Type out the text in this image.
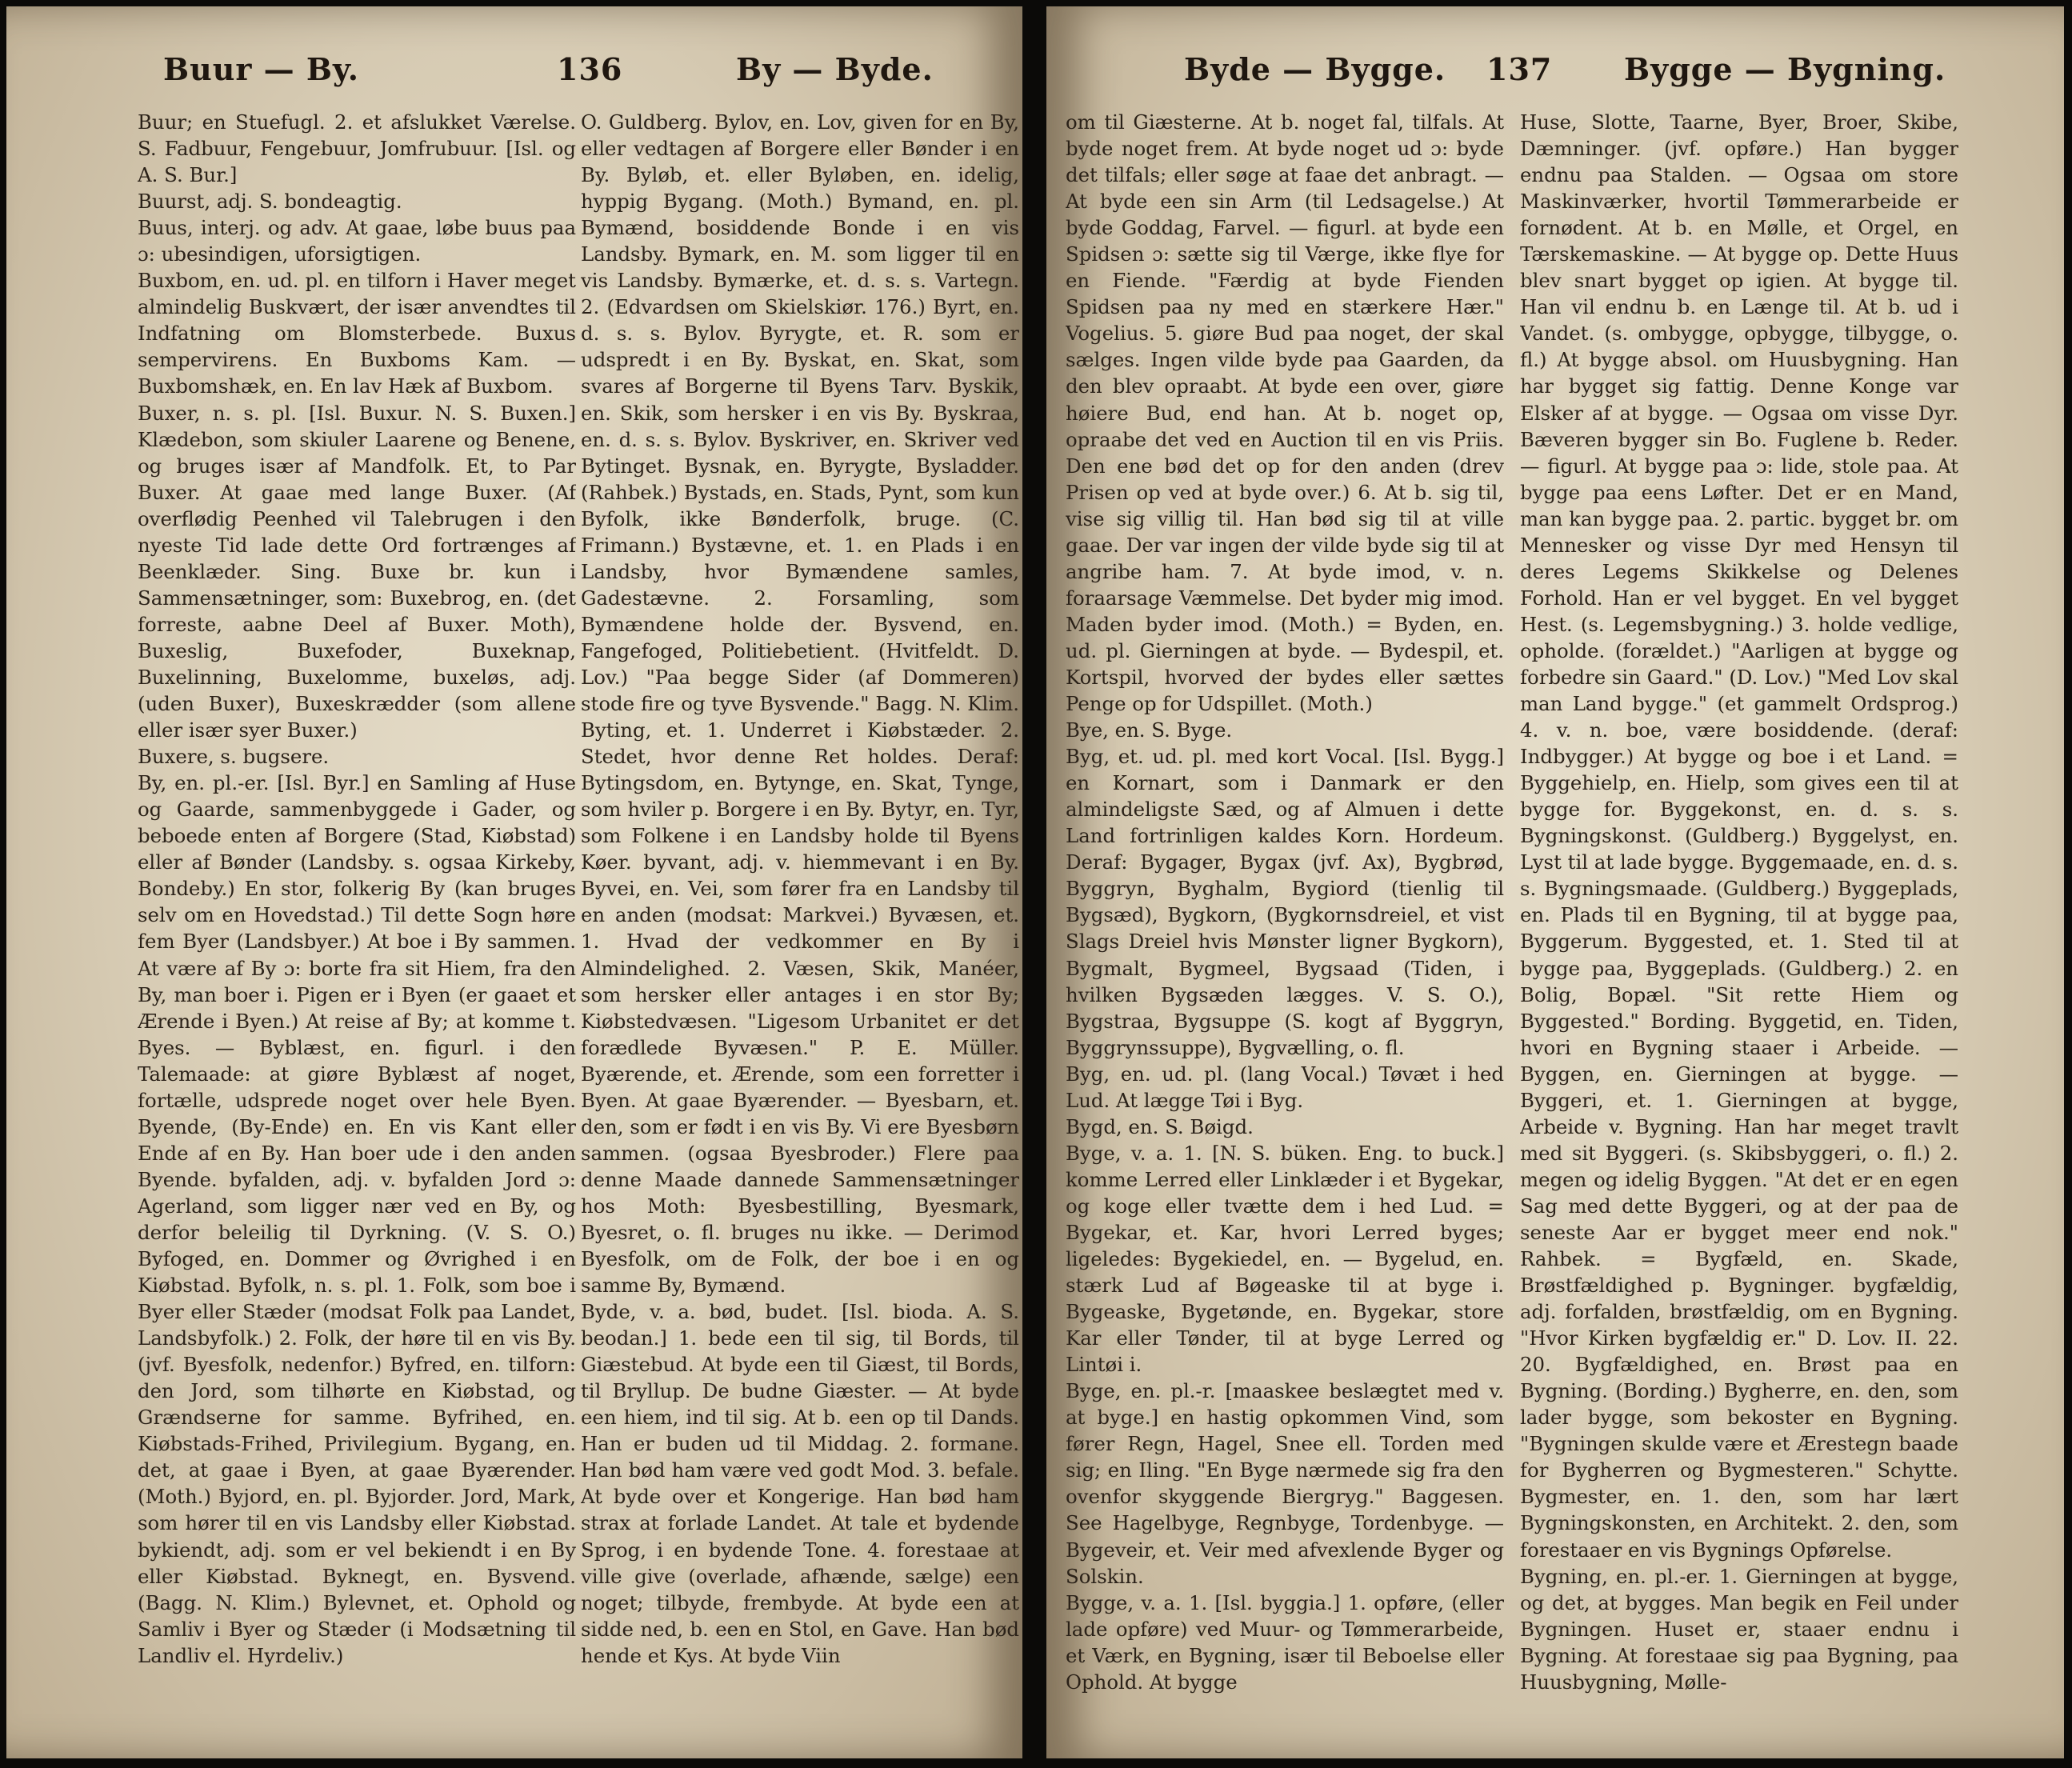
Buur — By.	136	By — Byde.

Buur; en Stuefugl. 2. et afslukket Værelse. S. Fadbuur, Fengebuur, Jomfrubuur. [Isl. og A. S. Bur.]

Buurst, adj. S. bondeagtig.

Buus, interj. og adv. At gaae, løbe buus paa ɔ: ubesindigen, uforsigtigen.

Buxbom, en. ud. pl. en tilforn i Haver meget almindelig Buskvært, der især anvendtes til Indfatning om Blomsterbede. Buxus sempervirens. En Buxboms Kam. — Buxbomshæk, en. En lav Hæk af Buxbom.

Buxer, n. s. pl. [Isl. Buxur. N. S. Buxen.] Klædebon, som skiuler Laarene og Benene, og bruges især af Mandfolk. Et, to Par Buxer. At gaae med lange Buxer. (Af overflødig Peenhed vil Talebrugen i den nyeste Tid lade dette Ord fortrænges af Beenklæder. Sing. Buxe br. kun i Sammensætninger, som: Buxebrog, en. (det forreste, aabne Deel af Buxer. Moth), Buxeslig, Buxefoder, Buxeknap, Buxelinning, Buxelomme, buxeløs, adj. (uden Buxer), Buxeskrædder (som allene eller især syer Buxer.)

Buxere, s. bugsere.

By, en. pl.-er. [Isl. Byr.] en Samling af Huse og Gaarde, sammenbyggede i Gader, og beboede enten af Borgere (Stad, Kiøbstad) eller af Bønder (Landsby. s. ogsaa Kirkeby, Bondeby.) En stor, folkerig By (kan bruges selv om en Hovedstad.) Til dette Sogn høre fem Byer (Landsbyer.) At boe i By sammen. At være af By ɔ: borte fra sit Hiem, fra den By, man boer i. Pigen er i Byen (er gaaet et Ærende i Byen.) At reise af By; at komme t. Byes. — Byblæst, en. figurl. i den Talemaade: at giøre Byblæst af noget, fortælle, udsprede noget over hele Byen. Byende, (By-Ende) en. En vis Kant eller Ende af en By. Han boer ude i den anden Byende. byfalden, adj. v. byfalden Jord ɔ: Agerland, som ligger nær ved en By, og derfor beleilig til Dyrkning. (V. S. O.) Byfoged, en. Dommer og Øvrighed i en Kiøbstad. Byfolk, n. s. pl. 1. Folk, som boe i Byer eller Stæder (modsat Folk paa Landet, Landsbyfolk.) 2. Folk, der høre til en vis By. (jvf. Byesfolk, nedenfor.) Byfred, en. tilforn: den Jord, som tilhørte en Kiøbstad, og Grændserne for samme. Byfrihed, en. Kiøbstads-Frihed, Privilegium. Bygang, en. det, at gaae i Byen, at gaae Byærender. (Moth.) Byjord, en. pl. Byjorder. Jord, Mark, som hører til en vis Landsby eller Kiøbstad. bykiendt, adj. som er vel bekiendt i en By eller Kiøbstad. Byknegt, en. Bysvend. (Bagg. N. Klim.) Bylevnet, et. Ophold og Samliv i Byer og Stæder (i Modsætning til Landliv el. Hyrdeliv.)

O. Guldberg. Bylov, en. Lov, given for en By, eller vedtagen af Borgere eller Bønder i en By. Byløb, et. eller Byløben, en. idelig, hyppig Bygang. (Moth.) Bymand, en. pl. Bymænd, bosiddende Bonde i en vis Landsby. Bymark, en. M. som ligger til en vis Landsby. Bymærke, et. d. s. s. Vartegn. 2. (Edvardsen om Skielskiør. 176.) Byrt, en. d. s. s. Bylov. Byrygte, et. R. som er udspredt i en By. Byskat, en. Skat, som svares af Borgerne til Byens Tarv. Byskik, en. Skik, som hersker i en vis By. Byskraa, en. d. s. s. Bylov. Byskriver, en. Skriver ved Bytinget. Bysnak, en. Byrygte, Bysladder. (Rahbek.) Bystads, en. Stads, Pynt, som kun Byfolk, ikke Bønderfolk, bruge. (C. Frimann.) Bystævne, et. 1. en Plads i en Landsby, hvor Bymændene samles, Gadestævne. 2. Forsamling, som Bymændene holde der. Bysvend, en. Fangefoged, Politiebetient. (Hvitfeldt. D. Lov.) "Paa begge Sider (af Dommeren) stode fire og tyve Bysvende." Bagg. N. Klim. Byting, et. 1. Underret i Kiøbstæder. 2. Stedet, hvor denne Ret holdes. Deraf: Bytingsdom, en. Bytynge, en. Skat, Tynge, som hviler p. Borgere i en By. Bytyr, en. Tyr, som Folkene i en Landsby holde til Byens Køer. byvant, adj. v. hiemmevant i en By. Byvei, en. Vei, som fører fra en Landsby til en anden (modsat: Markvei.) Byvæsen, et. 1. Hvad der vedkommer en By i Almindelighed. 2. Væsen, Skik, Manéer, som hersker eller antages i en stor By; Kiøbstedvæsen. "Ligesom Urbanitet er det forædlede Byvæsen." P. E. Müller. Byærende, et. Ærende, som een forretter i Byen. At gaae Byærender. — Byesbarn, et. den, som er født i en vis By. Vi ere Byesbørn sammen. (ogsaa Byesbroder.) Flere paa denne Maade dannede Sammensætninger hos Moth: Byesbestilling, Byesmark, Byesret, o. fl. bruges nu ikke. — Derimod Byesfolk, om de Folk, der boe i en og samme By, Bymænd.

Byde, v. a. bød, budet. [Isl. bioda. A. S. beodan.] 1. bede een til sig, til Bords, til Giæstebud. At byde een til Giæst, til Bords, til Bryllup. De budne Giæster. — At byde een hiem, ind til sig. At b. een op til Dands. Han er buden ud til Middag. 2. formane. Han bød ham være ved godt Mod. 3. befale. At byde over et Kongerige. Han bød ham strax at forlade Landet. At tale et bydende Sprog, i en bydende Tone. 4. forestaae at ville give (overlade, afhænde, sælge) een noget; tilbyde, frembyde. At byde een at sidde ned, b. een en Stol, en Gave. Han bød hende et Kys. At byde Viin

Byde — Bygge. 137 Bygge — Bygning.

om til Giæsterne. At b. noget fal, tilfals. At byde noget frem. At byde noget ud ɔ: byde det tilfals; eller søge at faae det anbragt. — At byde een sin Arm (til Ledsagelse.) At byde Goddag, Farvel. — figurl. at byde een Spidsen ɔ: sætte sig til Værge, ikke flye for en Fiende. "Færdig at byde Fienden Spidsen paa ny med en stærkere Hær." Vogelius. 5. giøre Bud paa noget, der skal sælges. Ingen vilde byde paa Gaarden, da den blev opraabt. At byde een over, giøre høiere Bud, end han. At b. noget op, opraabe det ved en Auction til en vis Priis. Den ene bød det op for den anden (drev Prisen op ved at byde over.) 6. At b. sig til, vise sig villig til. Han bød sig til at ville gaae. Der var ingen der vilde byde sig til at angribe ham. 7. At byde imod, v. n. foraarsage Væmmelse. Det byder mig imod. Maden byder imod. (Moth.) = Byden, en. ud. pl. Gierningen at byde. — Bydespil, et. Kortspil, hvorved der bydes eller sættes Penge op for Udspillet. (Moth.)

Bye, en. S. Byge.

Byg, et. ud. pl. med kort Vocal. [Isl. Bygg.] en Kornart, som i Danmark er den almindeligste Sæd, og af Almuen i dette Land fortrinligen kaldes Korn. Hordeum. Deraf: Bygager, Bygax (jvf. Ax), Bygbrød, Byggryn, Byghalm, Bygiord (tienlig til Bygsæd), Bygkorn, (Bygkornsdreiel, et vist Slags Dreiel hvis Mønster ligner Bygkorn), Bygmalt, Bygmeel, Bygsaad (Tiden, i hvilken Bygsæden lægges. V. S. O.), Bygstraa, Bygsuppe (S. kogt af Byggryn, Byggrynssuppe), Bygvælling, o. fl.

Byg, en. ud. pl. (lang Vocal.) Tøvæt i hed Lud. At lægge Tøi i Byg.

Bygd, en. S. Bøigd.

Byge, v. a. 1. [N. S. büken. Eng. to buck.] komme Lerred eller Linklæder i et Bygekar, og koge eller tvætte dem i hed Lud. = Bygekar, et. Kar, hvori Lerred byges; ligeledes: Bygekiedel, en. — Bygelud, en. stærk Lud af Bøgeaske til at byge i. Bygeaske, Bygetønde, en. Bygekar, store Kar eller Tønder, til at byge Lerred og Lintøi i.

Byge, en. pl.-r. [maaskee beslægtet med v. at byge.] en hastig opkommen Vind, som fører Regn, Hagel, Snee ell. Torden med sig; en Iling. "En Byge nærmede sig fra den ovenfor skyggende Biergryg." Baggesen. See Hagelbyge, Regnbyge, Tordenbyge. — Bygeveir, et. Veir med afvexlende Byger og Solskin.

Bygge, v. a. 1. [Isl. byggia.] 1. opføre, (eller lade opføre) ved Muur- og Tømmerarbeide, et Værk, en Bygning, især til Beboelse eller Ophold. At bygge

Huse, Slotte, Taarne, Byer, Broer, Skibe, Dæmninger. (jvf. opføre.) Han bygger endnu paa Stalden. — Ogsaa om store Maskinværker, hvortil Tømmerarbeide er fornødent. At b. en Mølle, et Orgel, en Tærskemaskine. — At bygge op. Dette Huus blev snart bygget op igien. At bygge til. Han vil endnu b. en Længe til. At b. ud i Vandet. (s. ombygge, opbygge, tilbygge, o. fl.) At bygge absol. om Huusbygning. Han har bygget sig fattig. Denne Konge var Elsker af at bygge. — Ogsaa om visse Dyr. Bæveren bygger sin Bo. Fuglene b. Reder. — figurl. At bygge paa ɔ: lide, stole paa. At bygge paa eens Løfter. Det er en Mand, man kan bygge paa. 2. partic. bygget br. om Mennesker og visse Dyr med Hensyn til deres Legems Skikkelse og Delenes Forhold. Han er vel bygget. En vel bygget Hest. (s. Legemsbygning.) 3. holde vedlige, opholde. (forældet.) "Aarligen at bygge og forbedre sin Gaard." (D. Lov.) "Med Lov skal man Land bygge." (et gammelt Ordsprog.) 4. v. n. boe, være bosiddende. (deraf: Indbygger.) At bygge og boe i et Land. = Byggehielp, en. Hielp, som gives een til at bygge for. Byggekonst, en. d. s. s. Bygningskonst. (Guldberg.) Byggelyst, en. Lyst til at lade bygge. Byggemaade, en. d. s. s. Bygningsmaade. (Guldberg.) Byggeplads, en. Plads til en Bygning, til at bygge paa, Byggerum. Byggested, et. 1. Sted til at bygge paa, Byggeplads. (Guldberg.) 2. en Bolig, Bopæl. "Sit rette Hiem og Byggested." Bording. Byggetid, en. Tiden, hvori en Bygning staaer i Arbeide. — Byggen, en. Gierningen at bygge. — Byggeri, et. 1. Gierningen at bygge, Arbeide v. Bygning. Han har meget travlt med sit Byggeri. (s. Skibsbyggeri, o. fl.) 2. megen og idelig Byggen. "At det er en egen Sag med dette Byggeri, og at der paa de seneste Aar er bygget meer end nok." Rahbek. = Bygfæld, en. Skade, Brøstfældighed p. Bygninger. bygfældig, adj. forfalden, brøstfældig, om en Bygning. "Hvor Kirken bygfældig er." D. Lov. II. 22. 20. Bygfældighed, en. Brøst paa en Bygning. (Bording.) Bygherre, en. den, som lader bygge, som bekoster en Bygning. "Bygningen skulde være et Ærestegn baade for Bygherren og Bygmesteren." Schytte. Bygmester, en. 1. den, som har lært Bygningskonsten, en Architekt. 2. den, som forestaaer en vis Bygnings Opførelse.

Bygning, en. pl.-er. 1. Gierningen at bygge, og det, at bygges. Man begik en Feil under Bygningen. Huset er, staaer endnu i Bygning. At forestaae sig paa Bygning, paa Huusbygning, Mølle-
